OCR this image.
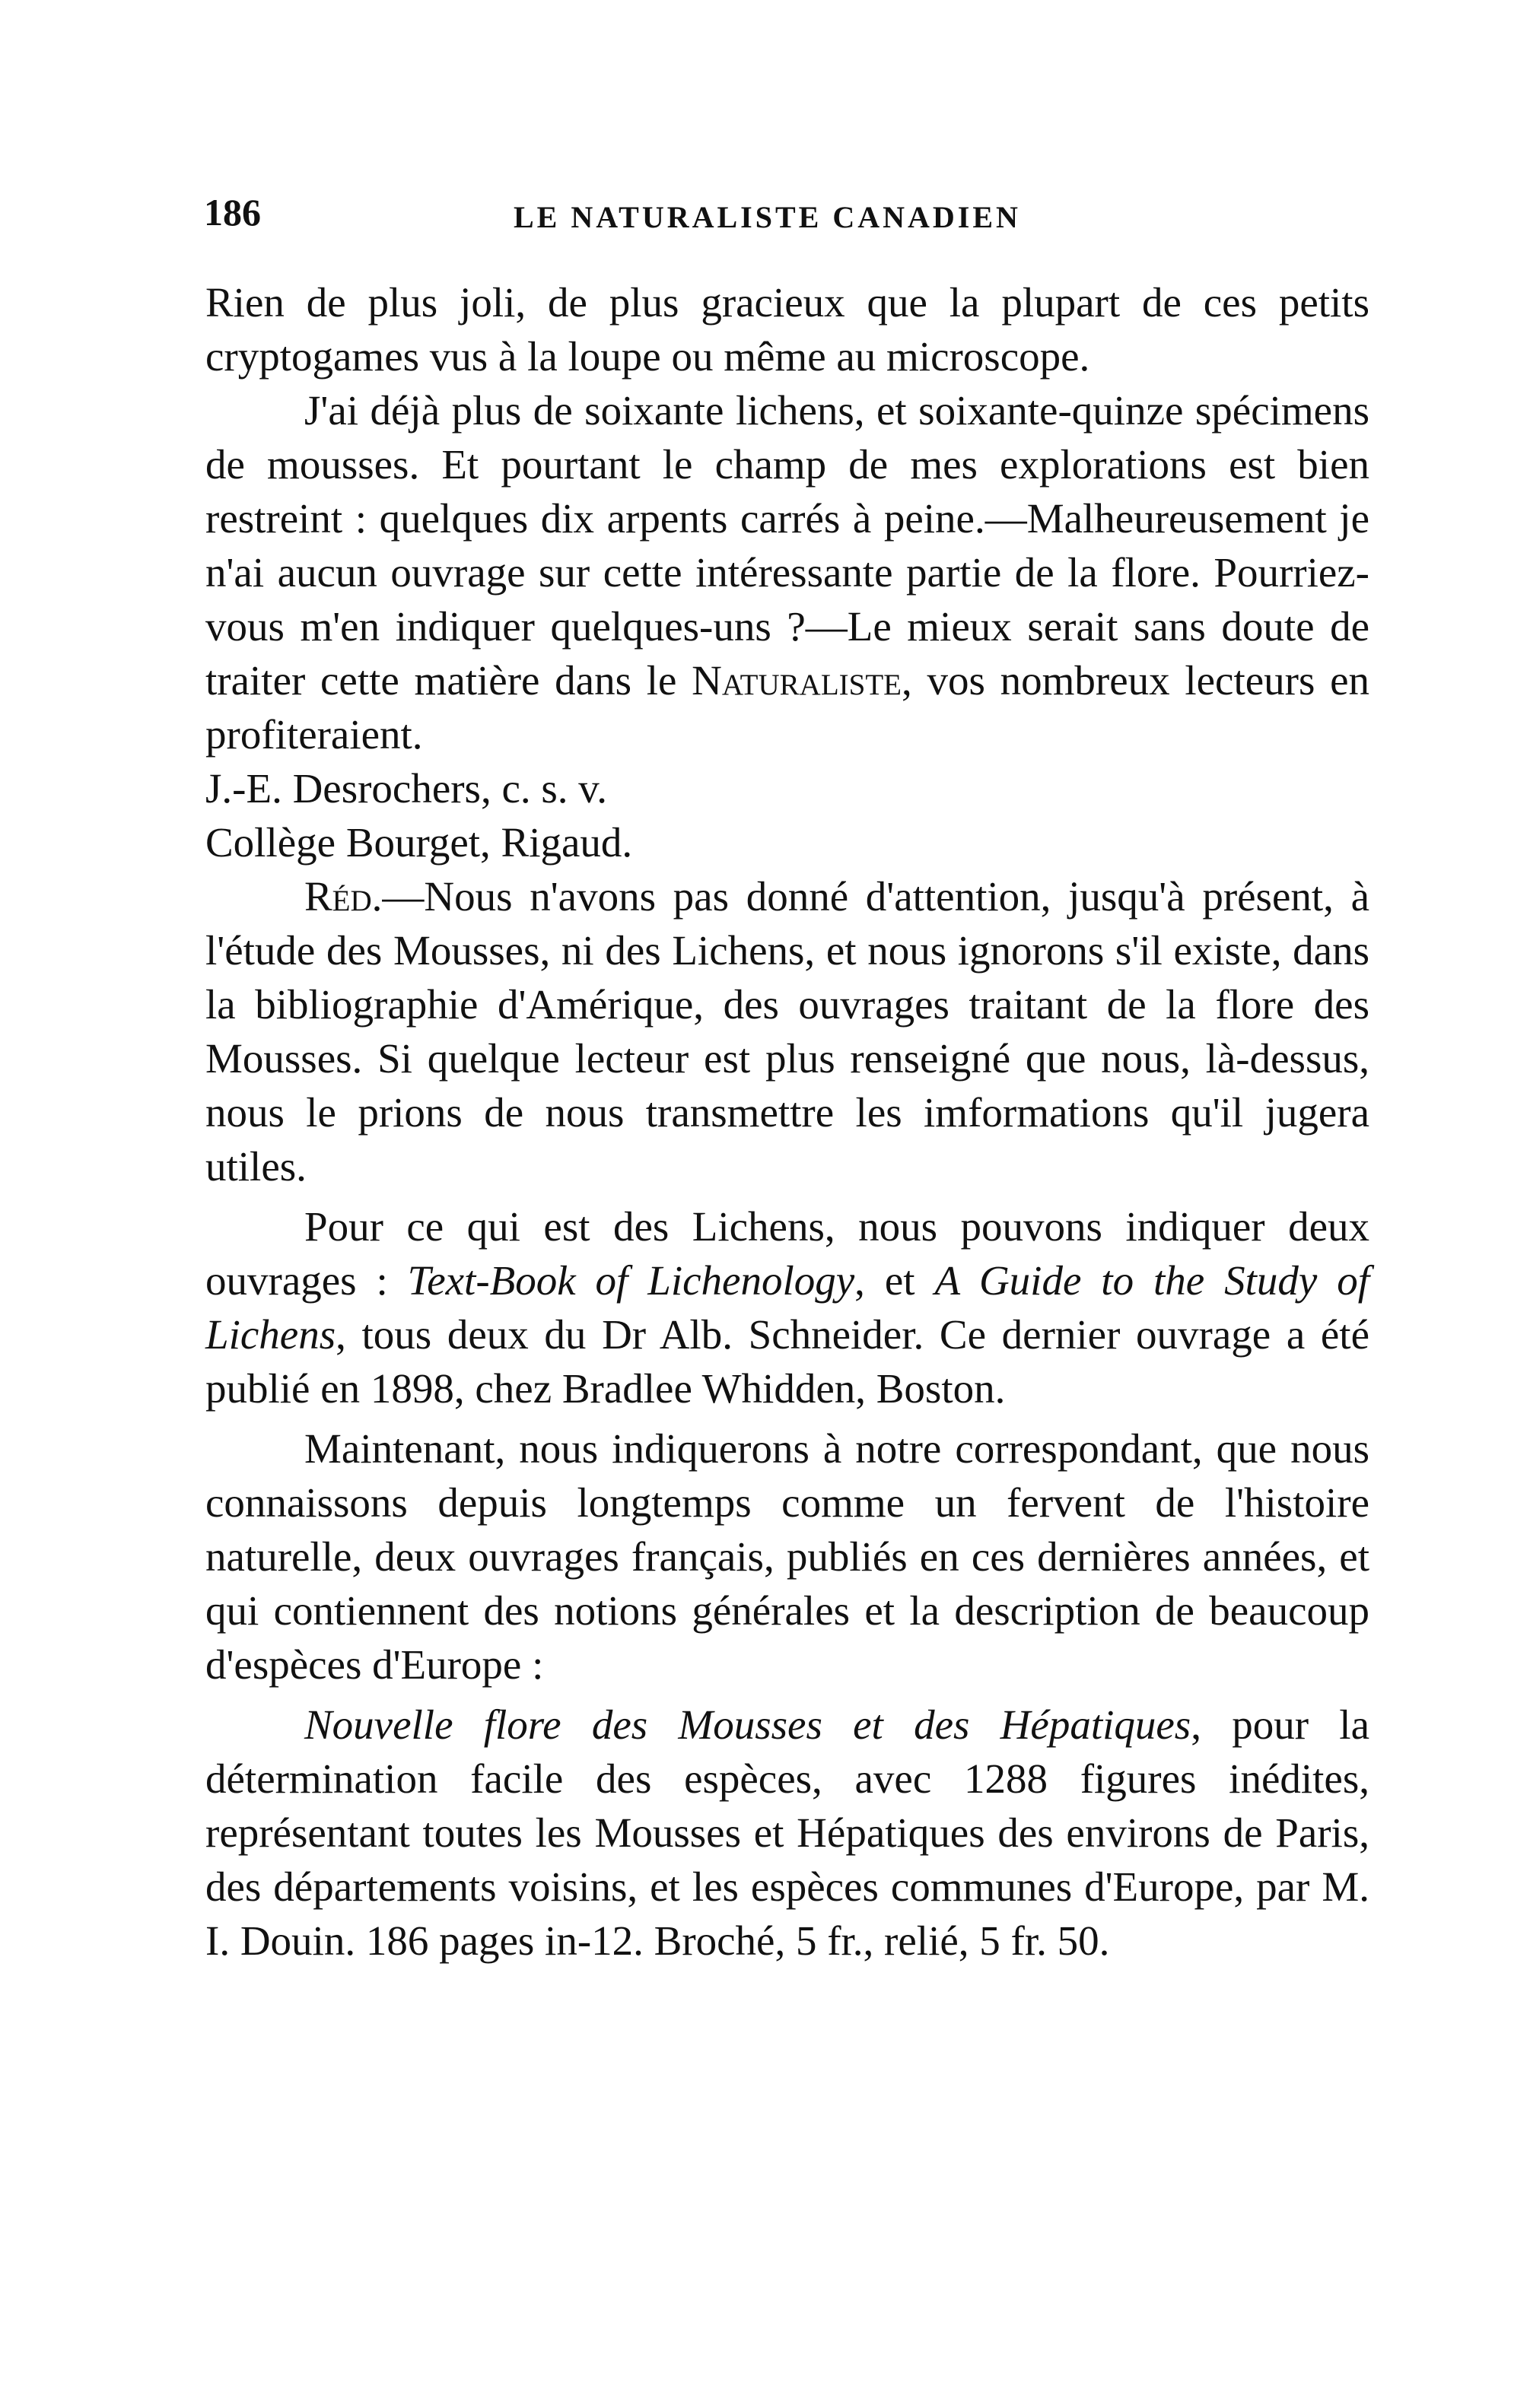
186	LE NATURALISTE CANADIEN

Rien de plus joli, de plus gracieux que la plupart de ces petits cryptogames vus à la loupe ou même au microscope.

J'ai déjà plus de soixante lichens, et soixante-quinze spécimens de mousses. Et pourtant le champ de mes explorations est bien restreint : quelques dix arpents carrés à peine.—Malheureusement je n'ai aucun ouvrage sur cette intéressante partie de la flore. Pourriez-vous m'en indiquer quelques-uns ?—Le mieux serait sans doute de traiter cette matière dans le Naturaliste, vos nombreux lecteurs en profiteraient.

J.-E. Desrochers, c. s. v.

Collège Bourget, Rigaud.

Réd.—Nous n'avons pas donné d'attention, jusqu'à présent, à l'étude des Mousses, ni des Lichens, et nous ignorons s'il existe, dans la bibliographie d'Amérique, des ouvrages traitant de la flore des Mousses. Si quelque lecteur est plus renseigné que nous, là-dessus, nous le prions de nous transmettre les imformations qu'il jugera utiles.

Pour ce qui est des Lichens, nous pouvons indiquer deux ouvrages : Text-Book of Lichenology, et A Guide to the Study of Lichens, tous deux du Dr Alb. Schneider. Ce dernier ouvrage a été publié en 1898, chez Bradlee Whidden, Boston.

Maintenant, nous indiquerons à notre correspondant, que nous connaissons depuis longtemps comme un fervent de l'histoire naturelle, deux ouvrages français, publiés en ces dernières années, et qui contiennent des notions générales et la description de beaucoup d'espèces d'Europe :

Nouvelle flore des Mousses et des Hépatiques, pour la détermination facile des espèces, avec 1288 figures inédites, représentant toutes les Mousses et Hépatiques des environs de Paris, des départements voisins, et les espèces communes d'Europe, par M. I. Douin. 186 pages in-12. Broché, 5 fr., relié, 5 fr. 50.
